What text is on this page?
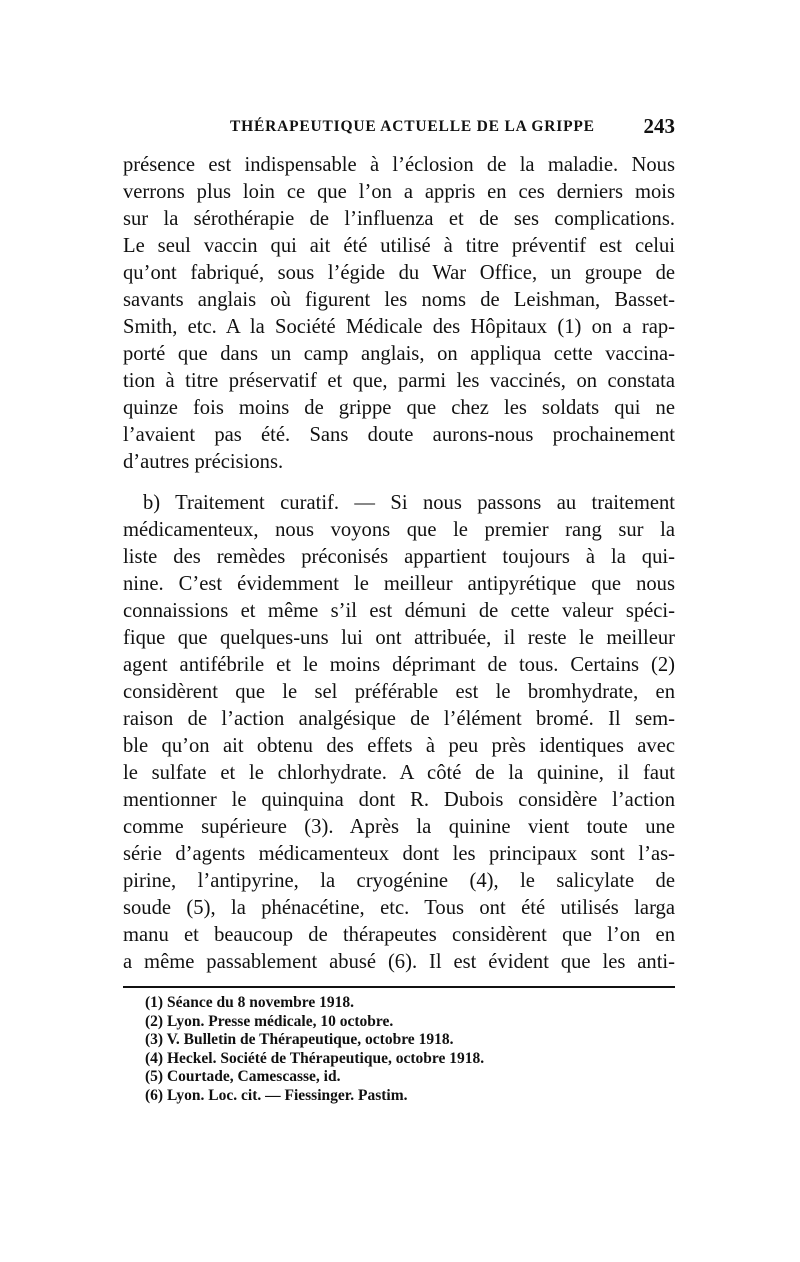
THÉRAPEUTIQUE ACTUELLE DE LA GRIPPE 243

présence est indispensable à l’éclosion de la maladie. Nous
verrons plus loin ce que l’on a appris en ces derniers mois
sur la sérothérapie de l’influenza et de ses complications.
Le seul vaccin qui ait été utilisé à titre préventif est celui
qu’ont fabriqué, sous l’égide du War Office, un groupe de
savants anglais où figurent les noms de Leishman, Basset-
Smith, etc. A la Société Médicale des Hôpitaux (1) on a rap-
porté que dans un camp anglais, on appliqua cette vaccina-
tion à titre préservatif et que, parmi les vaccinés, on constata
quinze fois moins de grippe que chez les soldats qui ne
l’avaient pas été. Sans doute aurons-nous prochainement
d’autres précisions.

b) Traitement curatif. — Si nous passons au traitement
médicamenteux, nous voyons que le premier rang sur la
liste des remèdes préconisés appartient toujours à la qui-
nine. C’est évidemment le meilleur antipyrétique que nous
connaissions et même s’il est démuni de cette valeur spéci-
fique que quelques-uns lui ont attribuée, il reste le meilleur
agent antifébrile et le moins déprimant de tous. Certains (2)
considèrent que le sel préférable est le bromhydrate, en
raison de l’action analgésique de l’élément bromé. Il sem-
ble qu’on ait obtenu des effets à peu près identiques avec
le sulfate et le chlorhydrate. A côté de la quinine, il faut
mentionner le quinquina dont R. Dubois considère l’action
comme supérieure (3). Après la quinine vient toute une
série d’agents médicamenteux dont les principaux sont l’as-
pirine, l’antipyrine, la cryogénine (4), le salicylate de
soude (5), la phénacétine, etc. Tous ont été utilisés larga
manu et beaucoup de thérapeutes considèrent que l’on en
a même passablement abusé (6). Il est évident que les anti-

(1) Séance du 8 novembre 1918.
(2) Lyon. Presse médicale, 10 octobre.
(3) V. Bulletin de Thérapeutique, octobre 1918.
(4) Heckel. Société de Thérapeutique, octobre 1918.
(5) Courtade, Camescasse, id.
(6) Lyon. Loc. cit. — Fiessinger. Pastim.
